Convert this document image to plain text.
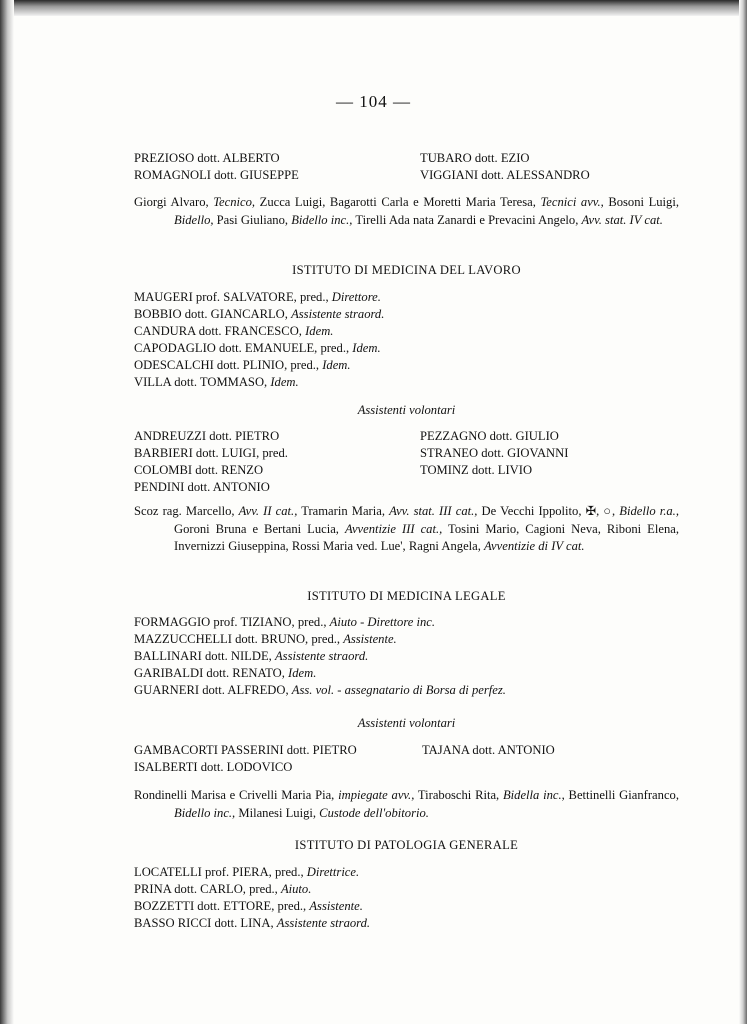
— 104 —
PREZIOSO dott. ALBERTO
ROMAGNOLI dott. GIUSEPPE
TUBARO dott. EZIO
VIGGIANI dott. ALESSANDRO
Giorgi Alvaro, Tecnico, Zucca Luigi, Bagarotti Carla e Moretti Maria Teresa, Tecnici avv., Bosoni Luigi, Bidello, Pasi Giuliano, Bidello inc., Tirelli Ada nata Zanardi e Prevacini Angelo, Avv. stat. IV cat.
ISTITUTO DI MEDICINA DEL LAVORO
MAUGERI prof. SALVATORE, pred., Direttore.
BOBBIO dott. GIANCARLO, Assistente straord.
CANDURA dott. FRANCESCO, Idem.
CAPODAGLIO dott. EMANUELE, pred., Idem.
ODESCALCHI dott. PLINIO, pred., Idem.
VILLA dott. TOMMASO, Idem.
Assistenti volontari
ANDREUZZI dott. PIETRO
BARBIERI dott. LUIGI, pred.
COLOMBI dott. RENZO
PENDINI dott. ANTONIO
PEZZAGNO dott. GIULIO
STRANEO dott. GIOVANNI
TOMINZ dott. LIVIO
Scoz rag. Marcello, Avv. II cat., Tramarin Maria, Avv. stat. III cat., De Vecchi Ippolito, ✠, ○, Bidello r.a., Goroni Bruna e Bertani Lucia, Avventizie III cat., Tosini Mario, Cagioni Neva, Riboni Elena, Invernizzi Giuseppina, Rossi Maria ved. Lue', Ragni Angela, Avventizie di IV cat.
ISTITUTO DI MEDICINA LEGALE
FORMAGGIO prof. TIZIANO, pred., Aiuto - Direttore inc.
MAZZUCCHELLI dott. BRUNO, pred., Assistente.
BALLINARI dott. NILDE, Assistente straord.
GARIBALDI dott. RENATO, Idem.
GUARNERI dott. ALFREDO, Ass. vol. - assegnatario di Borsa di perfez.
Assistenti volontari
GAMBACORTI PASSERINI dott. PIETRO
ISALBERTI dott. LODOVICO
TAJANA dott. ANTONIO
Rondinelli Marisa e Crivelli Maria Pia, impiegate avv., Tiraboschi Rita, Bidella inc., Bettinelli Gianfranco, Bidello inc., Milanesi Luigi, Custode dell'obitorio.
ISTITUTO DI PATOLOGIA GENERALE
LOCATELLI prof. PIERA, pred., Direttrice.
PRINA dott. CARLO, pred., Aiuto.
BOZZETTI dott. ETTORE, pred., Assistente.
BASSO RICCI dott. LINA, Assistente straord.
